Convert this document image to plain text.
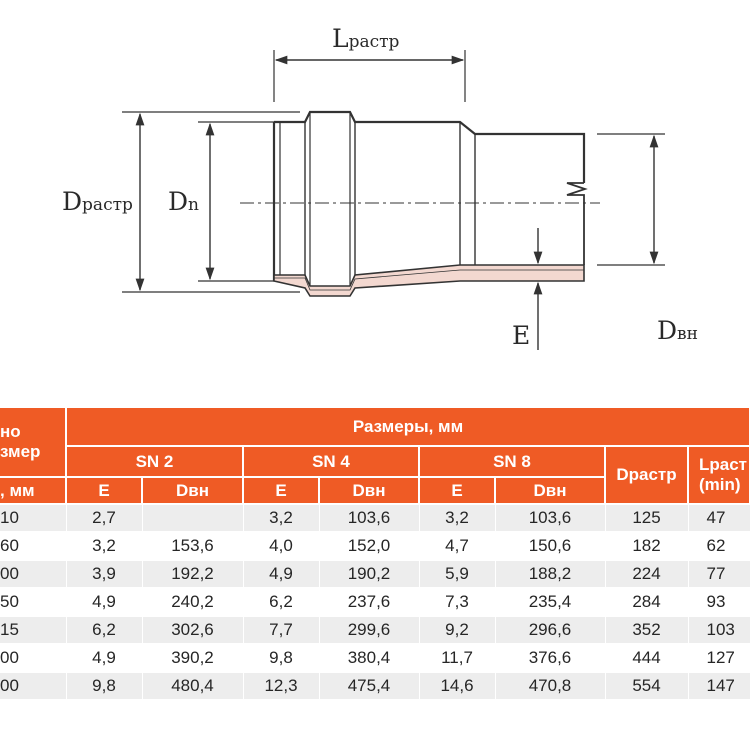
Lрастр
Dрастр Dn
Dвн
E
но
змер	Размеры, мм							
	SN 2		SN 4		SN 8		Dраcтр	Lраст
(min)

, мм	E	Dвн	E	Dвн	E	Dвн		
10	2,7		3,2	103,6	3,2	103,6	125	47
60	3,2	153,6	4,0	152,0	4,7	150,6	182	62
00	3,9	192,2	4,9	190,2	5,9	188,2	224	77
50	4,9	240,2	6,2	237,6	7,3	235,4	284	93
15	6,2	302,6	7,7	299,6	9,2	296,6	352	103
00	4,9	390,2	9,8	380,4	11,7	376,6	444	127
00	9,8	480,4	12,3	475,4	14,6	470,8	554	147
